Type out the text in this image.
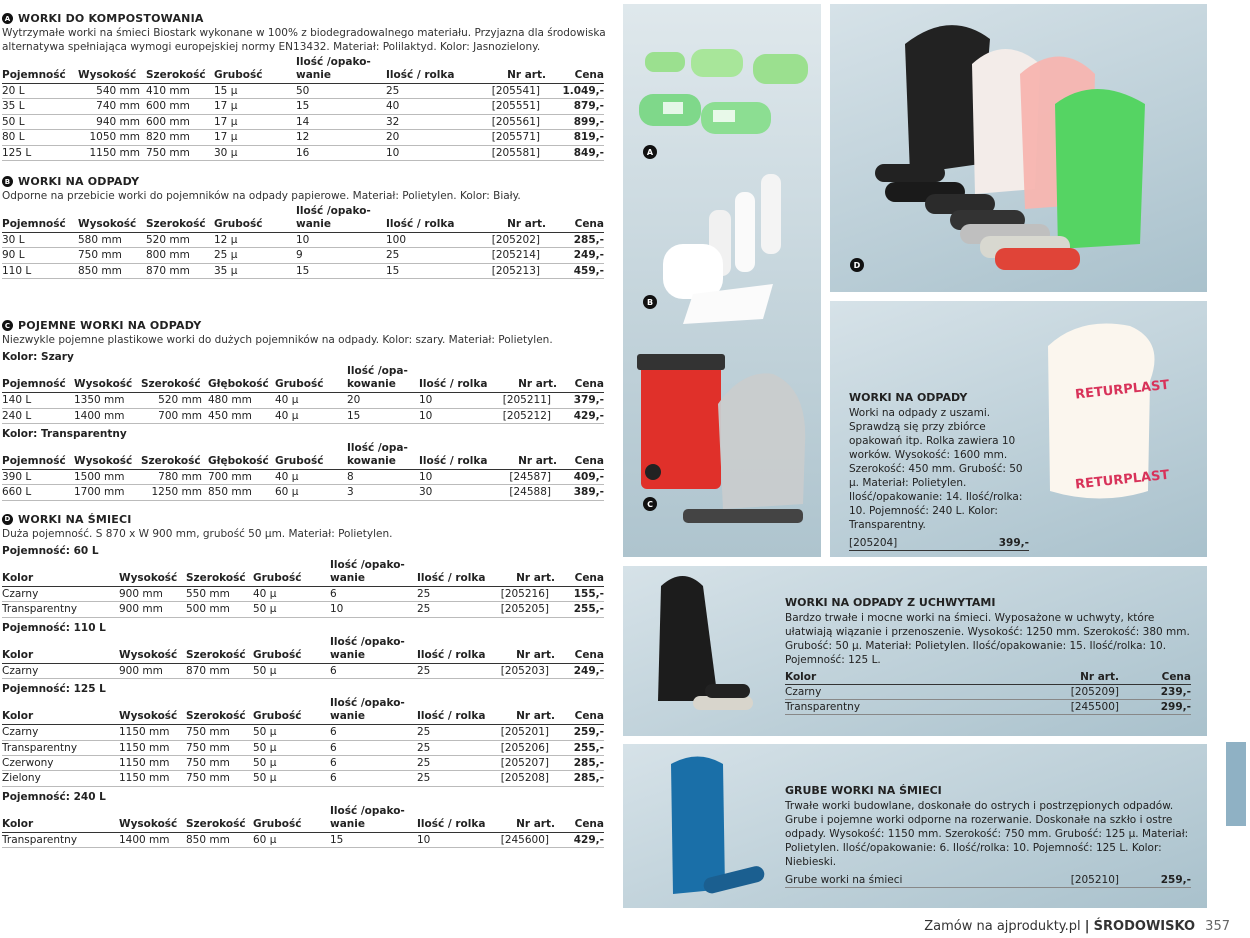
A WORKI DO KOMPOSTOWANIA
Wytrzymałe worki na śmieci Biostark wykonane w 100% z biodegradowalnego materiału. Przyjazna dla środowiska alternatywa spełniająca wymogi europejskiej normy EN13432. Materiał: Polilaktyd. Kolor: Jasnozielony.
Pojemność	Wysokość	Szerokość	Grubość	Ilość /opako-wanie	Ilość / rolka	Nr art.	Cena
20 L	540 mm	410 mm	15 µ	50	25	[205541]	1.049,-
35 L	740 mm	600 mm	17 µ	15	40	[205551]	879,-
50 L	940 mm	600 mm	17 µ	14	32	[205561]	899,-
80 L	1050 mm	820 mm	17 µ	12	20	[205571]	819,-
125 L	1150 mm	750 mm	30 µ	16	10	[205581]	849,-
B WORKI NA ODPADY
Odporne na przebicie worki do pojemników na odpady papierowe. Materiał: Polietylen. Kolor: Biały.
Pojemność	Wysokość	Szerokość	Grubość	Ilość /opako-wanie	Ilość / rolka	Nr art.	Cena
30 L	580 mm	520 mm	12 µ	10	100	[205202]	285,-
90 L	750 mm	800 mm	25 µ	9	25	[205214]	249,-
110 L	850 mm	870 mm	35 µ	15	15	[205213]	459,-
C POJEMNE WORKI NA ODPADY
Niezwykle pojemne plastikowe worki do dużych pojemników na odpady. Kolor: szary. Materiał: Polietylen.
Kolor: Szary
Pojemność	Wysokość	Szerokość	Głębokość	Grubość	Ilość /opa-kowanie	Ilość / rolka	Nr art.	Cena
140 L	1350 mm	520 mm	480 mm	40 µ	20	10	[205211]	379,-
240 L	1400 mm	700 mm	450 mm	40 µ	15	10	[205212]	429,-
Kolor: Transparentny
Pojemność	Wysokość	Szerokość	Głębokość	Grubość	Ilość /opa-kowanie	Ilość / rolka	Nr art.	Cena
390 L	1500 mm	780 mm	700 mm	40 µ	8	10	[24587]	409,-
660 L	1700 mm	1250 mm	850 mm	60 µ	3	30	[24588]	389,-
D WORKI NA ŚMIECI
Duża pojemność. S 870 x W 900 mm, grubość 50 µm. Materiał: Polietylen.
Pojemność: 60 L
Kolor	Wysokość	Szerokość	Grubość	Ilość /opako-wanie	Ilość / rolka	Nr art.	Cena
Czarny	900 mm	550 mm	40 µ	6	25	[205216]	155,-
Transparentny	900 mm	500 mm	50 µ	10	25	[205205]	255,-
Pojemność: 110 L
Kolor	Wysokość	Szerokość	Grubość	Ilość /opako-wanie	Ilość / rolka	Nr art.	Cena
Czarny	900 mm	870 mm	50 µ	6	25	[205203]	249,-
Pojemność: 125 L
Kolor	Wysokość	Szerokość	Grubość	Ilość /opako-wanie	Ilość / rolka	Nr art.	Cena
Czarny	1150 mm	750 mm	50 µ	6	25	[205201]	259,-
Transparentny	1150 mm	750 mm	50 µ	6	25	[205206]	255,-
Czerwony	1150 mm	750 mm	50 µ	6	25	[205207]	285,-
Zielony	1150 mm	750 mm	50 µ	6	25	[205208]	285,-
Pojemność: 240 L
Kolor	Wysokość	Szerokość	Grubość	Ilość /opako-wanie	Ilość / rolka	Nr art.	Cena
Transparentny	1400 mm	850 mm	60 µ	15	10	[245600]	429,-
A
B
C
D
RETURPLAST
RETURPLAST
WORKI NA ODPADY
Worki na odpady z uszami. Sprawdzą się przy zbiórce opakowań itp. Rolka zawiera 10 worków. Wysokość: 1600 mm. Szerokość: 450 mm. Grubość: 50 µ. Materiał: Polietylen. Ilość/opakowanie: 14. Ilość/rolka: 10. Pojemność: 240 L. Kolor: Transparentny.
[205204]	399,-
WORKI NA ODPADY Z UCHWYTAMI
Bardzo trwałe i mocne worki na śmieci. Wyposażone w uchwyty, które ułatwiają wiązanie i przenoszenie. Wysokość: 1250 mm. Szerokość: 380 mm. Grubość: 50 µ. Materiał: Polietylen. Ilość/opakowanie: 15. Ilość/rolka: 10. Pojemność: 125 L.
Kolor	Nr art.	Cena
Czarny	[205209]	239,-
Transparentny	[245500]	299,-
GRUBE WORKI NA ŚMIECI
Trwałe worki budowlane, doskonałe do ostrych i postrzępionych odpadów. Grube i pojemne worki odporne na rozerwanie. Doskonałe na szkło i ostre odpady. Wysokość: 1150 mm. Szerokość: 750 mm. Grubość: 125 µ. Materiał: Polietylen. Ilość/opakowanie: 6. Ilość/rolka: 10. Pojemność: 125 L. Kolor: Niebieski.
Grube worki na śmieci	[205210]	259,-
Zamów na ajprodukty.pl | ŚRODOWISKO 357
